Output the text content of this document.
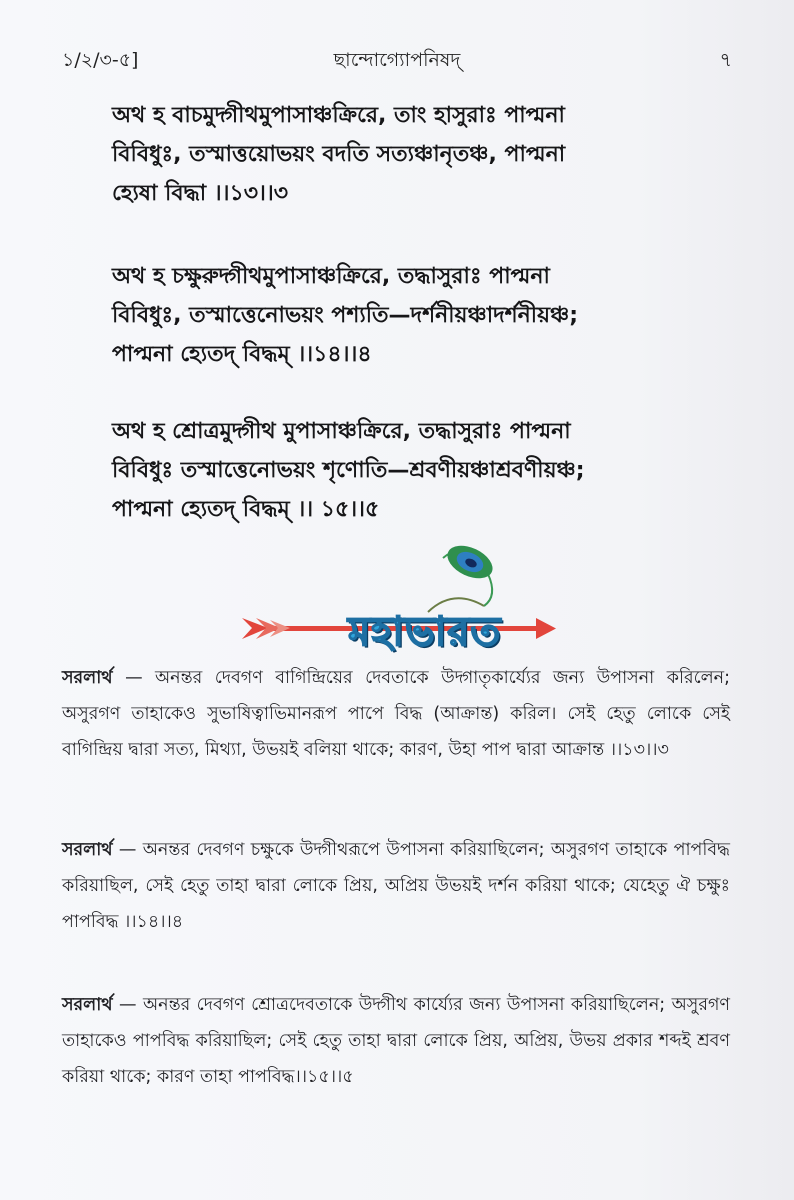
১/২/৩-৫]	ছান্দোগ্যোপনিষদ্	৭

অথ হ বাচমুদ্গীথমুপাসাঞ্চক্রিরে, তাং হাসুরাঃ পাপ্মনা

বিবিধুঃ, তস্মাত্তয়োভয়ং বদতি সত্যঞ্চানৃতঞ্চ, পাপ্মনা

হ্যেষা বিদ্ধা ।।১৩।।৩

অথ হ চক্ষুরুদ্গীথমুপাসাঞ্চক্রিরে, তদ্ধাসুরাঃ পাপ্মনা

বিবিধুঃ, তস্মাত্তেনোভয়ং পশ্যতি—দর্শনীয়ঞ্চাদর্শনীয়ঞ্চ;

পাপ্মনা হ্যেতদ্ বিদ্ধম্ ।।১৪।।৪

অথ হ শ্রোত্রমুদ্গীথ মুপাসাঞ্চক্রিরে, তদ্ধাসুরাঃ পাপ্মনা

বিবিধুঃ তস্মাত্তেনোভয়ং শৃণোতি—শ্রবণীয়ঞ্চাশ্রবণীয়ঞ্চ;

পাপ্মনা হ্যেতদ্ বিদ্ধম্ ।। ১৫।।৫

মহাভারত
সরলার্থ — অনন্তর দেবগণ বাগিন্দ্রিয়ের দেবতাকে উদ্গাতৃকার্য্যের জন্য উপাসনা করিলেন; অসুরগণ তাহাকেও সুভাষিত্বাভিমানরূপ পাপে বিদ্ধ (আক্রান্ত) করিল। সেই হেতু লোকে সেই বাগিন্দ্রিয় দ্বারা সত্য, মিথ্যা, উভয়ই বলিয়া থাকে; কারণ, উহা পাপ দ্বারা আক্রান্ত ।।১৩।।৩
সরলার্থ — অনন্তর দেবগণ চক্ষুকে উদ্গীথরূপে উপাসনা করিয়াছিলেন; অসুরগণ তাহাকে পাপবিদ্ধ করিয়াছিল, সেই হেতু তাহা দ্বারা লোকে প্রিয়, অপ্রিয় উভয়ই দর্শন করিয়া থাকে; যেহেতু ঐ চক্ষুঃ পাপবিদ্ধ ।।১৪।।৪
সরলার্থ — অনন্তর দেবগণ শ্রোত্রদেবতাকে উদ্গীথ কার্য্যের জন্য উপাসনা করিয়াছিলেন; অসুরগণ তাহাকেও পাপবিদ্ধ করিয়াছিল; সেই হেতু তাহা দ্বারা লোকে প্রিয়, অপ্রিয়, উভয় প্রকার শব্দই শ্রবণ করিয়া থাকে; কারণ তাহা পাপবিদ্ধ।।১৫।।৫
